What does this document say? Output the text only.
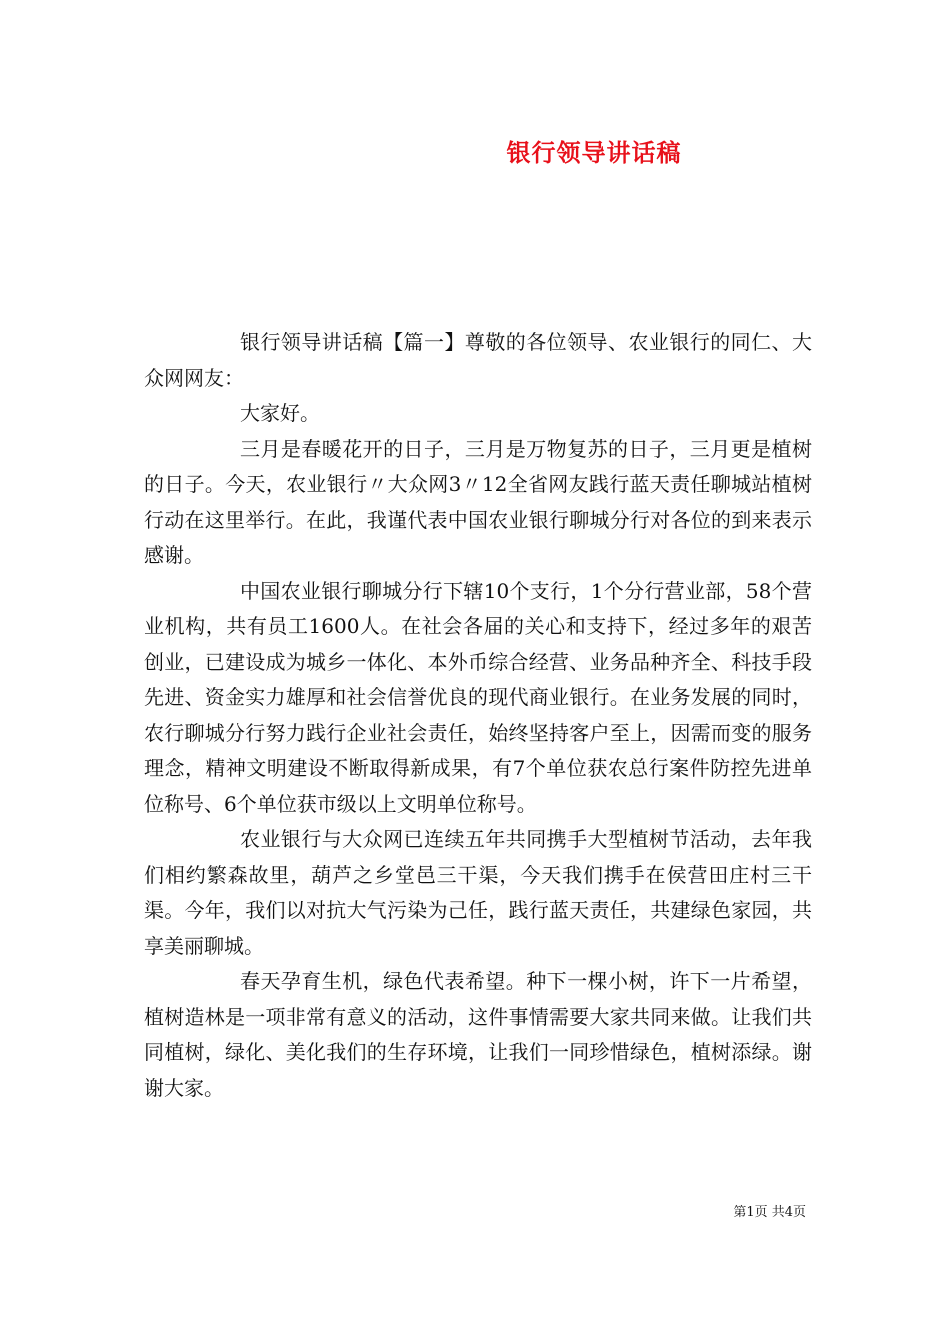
银行领导讲话稿

银行领导讲话稿【篇一】尊敬的各位领导、农业银行的同仁、大众网网友：

大家好。

三月是春暖花开的日子，三月是万物复苏的日子，三月更是植树的日子。今天，农业银行〃大众网3〃12全省网友践行蓝天责任聊城站植树行动在这里举行。在此，我谨代表中国农业银行聊城分行对各位的到来表示感谢。

中国农业银行聊城分行下辖10个支行，1个分行营业部，58个营业机构，共有员工1600人。在社会各届的关心和支持下，经过多年的艰苦创业，已建设成为城乡一体化、本外币综合经营、业务品种齐全、科技手段先进、资金实力雄厚和社会信誉优良的现代商业银行。在业务发展的同时，农行聊城分行努力践行企业社会责任，始终坚持客户至上，因需而变的服务理念，精神文明建设不断取得新成果，有7个单位获农总行案件防控先进单位称号、6个单位获市级以上文明单位称号。

农业银行与大众网已连续五年共同携手大型植树节活动，去年我们相约繁森故里，葫芦之乡堂邑三干渠，今天我们携手在侯营田庄村三干渠。今年，我们以对抗大气污染为己任，践行蓝天责任，共建绿色家园，共享美丽聊城。

春天孕育生机，绿色代表希望。种下一棵小树，许下一片希望，植树造林是一项非常有意义的活动，这件事情需要大家共同来做。让我们共同植树，绿化、美化我们的生存环境，让我们一同珍惜绿色，植树添绿。谢谢大家。

第1页 共4页
